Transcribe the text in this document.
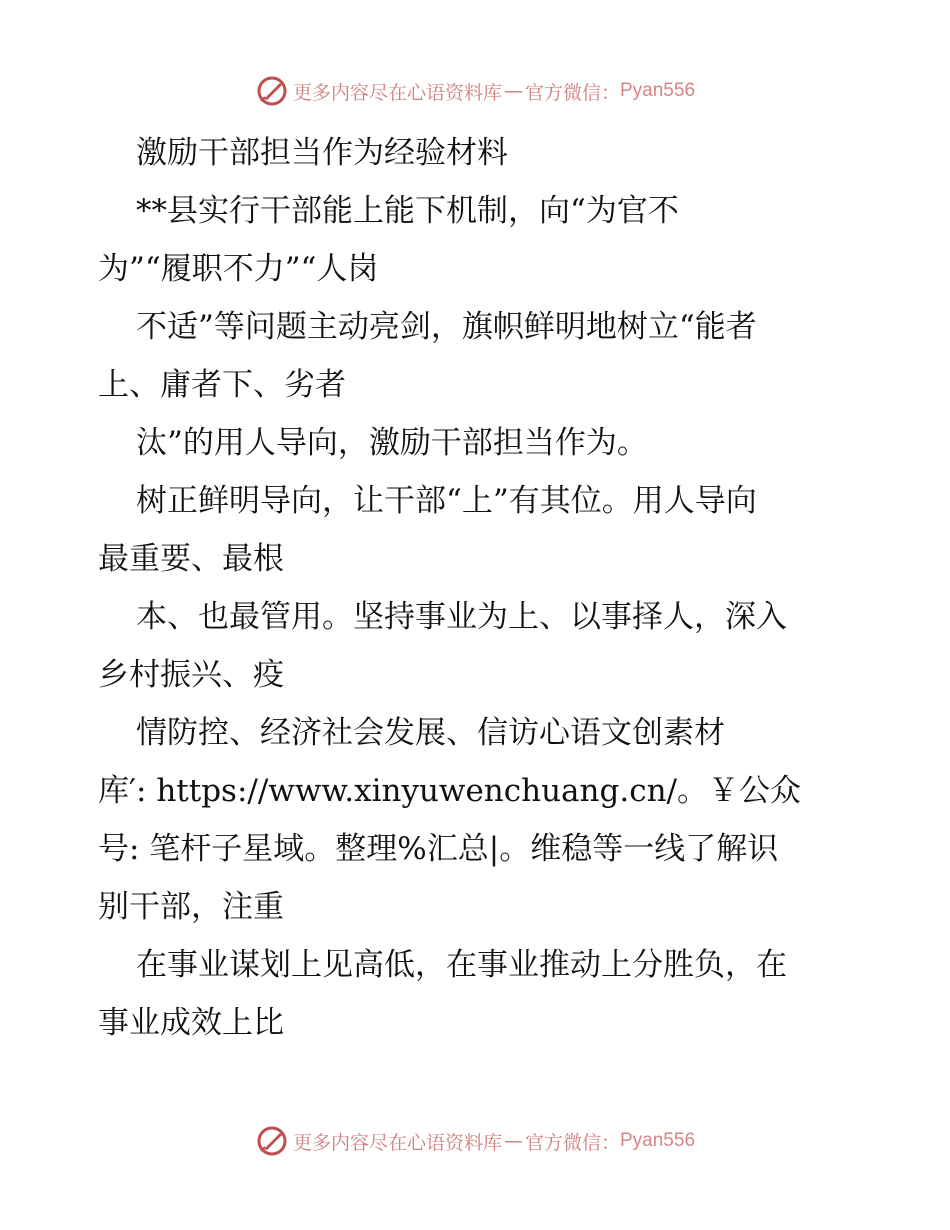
更多内容尽在心语资料库 — 官方微信： Pyan556
激励干部担当作为经验材料
**县实行干部能上能下机制，向“为官不
为”“履职不力”“人岗
不适”等问题主动亮剑，旗帜鲜明地树立“能者
上、庸者下、劣者
汰”的用人导向，激励干部担当作为。
树正鲜明导向，让干部“上”有其位。用人导向
最重要、最根
本、也最管用。坚持事业为上、以事择人，深入
乡村振兴、疫
情防控、经济社会发展、信访心语文创素材
库′: https://www.xinyuwenchuang.cn/。￥公众
号: 笔杆子星域。整理%汇总|。维稳等一线了解识
别干部，注重
在事业谋划上见高低，在事业推动上分胜负，在
事业成效上比
更多内容尽在心语资料库 — 官方微信： Pyan556
